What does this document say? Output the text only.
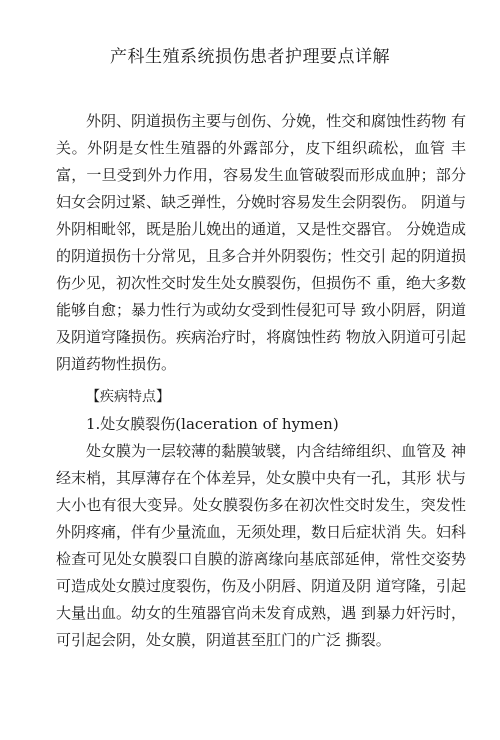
产科生殖系统损伤患者护理要点详解

外阴、阴道损伤主要与创伤、分娩，性交和腐蚀性药物 有关。外阴是女性生殖器的外露部分，皮下组织疏松，血管 丰富，一旦受到外力作用，容易发生血管破裂而形成血肿；部分妇女会阴过紧、缺乏弹性，分娩时容易发生会阴裂伤。 阴道与外阴相毗邻，既是胎儿娩出的通道，又是性交器官。 分娩造成的阴道损伤十分常见，且多合并外阴裂伤；性交引 起的阴道损伤少见，初次性交时发生处女膜裂伤，但损伤不 重，绝大多数能够自愈；暴力性行为或幼女受到性侵犯可导 致小阴唇，阴道及阴道穹隆损伤。疾病治疗时，将腐蚀性药 物放入阴道可引起阴道药物性损伤。

【疾病特点】

1.处女膜裂伤(laceration of hymen)

处女膜为一层较薄的黏膜皱襞，内含结缔组织、血管及 神经末梢，其厚薄存在个体差异，处女膜中央有一孔，其形 状与大小也有很大变异。处女膜裂伤多在初次性交时发生，突发性外阴疼痛，伴有少量流血，无须处理，数日后症状消 失。妇科检查可见处女膜裂口自膜的游离缘向基底部延伸，常性交姿势可造成处女膜过度裂伤，伤及小阴唇、阴道及阴 道穹隆，引起大量出血。幼女的生殖器官尚未发育成熟，遇 到暴力奸污时，可引起会阴，处女膜，阴道甚至肛门的广泛 撕裂。
